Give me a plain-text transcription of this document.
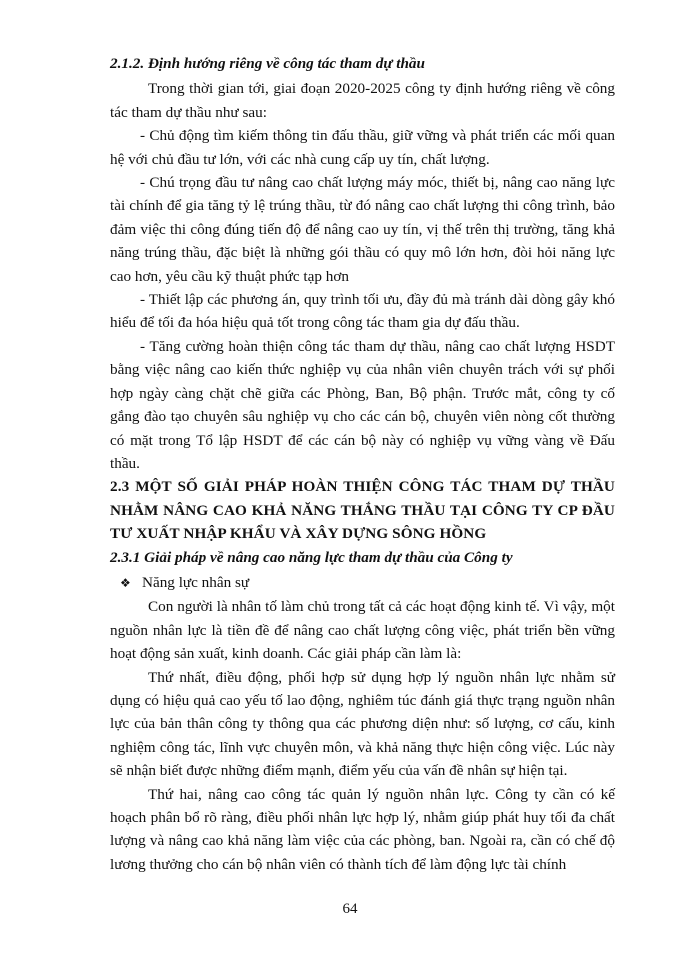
2.1.2. Định hướng riêng về công tác tham dự thầu

Trong thời gian tới, giai đoạn 2020-2025 công ty định hướng riêng về công tác tham dự thầu như sau:

- Chủ động tìm kiếm thông tin đấu thầu, giữ vững và phát triển các mối quan hệ với chủ đầu tư lớn, với các nhà cung cấp uy tín, chất lượng.

- Chú trọng đầu tư nâng cao chất lượng máy móc, thiết bị, nâng cao năng lực tài chính để gia tăng tỷ lệ trúng thầu, từ đó nâng cao chất lượng thi công trình, bảo đảm việc thi công đúng tiến độ để nâng cao uy tín, vị thế trên thị trường, tăng khả năng trúng thầu, đặc biệt là những gói thầu có quy mô lớn hơn, đòi hỏi năng lực cao hơn, yêu cầu kỹ thuật phức tạp hơn

- Thiết lập các phương án, quy trình tối ưu, đầy đủ mà tránh dài dòng gây khó hiểu để tối đa hóa hiệu quả tốt trong công tác tham gia dự đấu thầu.

- Tăng cường hoàn thiện công tác tham dự thầu, nâng cao chất lượng HSDT bằng việc nâng cao kiến thức nghiệp vụ của nhân viên chuyên trách với sự phối hợp ngày càng chặt chẽ giữa các Phòng, Ban, Bộ phận. Trước mắt, công ty cố gắng đào tạo chuyên sâu nghiệp vụ cho các cán bộ, chuyên viên nòng cốt thường có mặt trong Tổ lập HSDT để các cán bộ này có nghiệp vụ vững vàng về Đấu thầu.

2.3 MỘT SỐ GIẢI PHÁP HOÀN THIỆN CÔNG TÁC THAM DỰ THẦU NHẰM NÂNG CAO KHẢ NĂNG THẮNG THẦU TẠI CÔNG TY CP ĐẦU TƯ XUẤT NHẬP KHẨU VÀ XÂY DỰNG SÔNG HỒNG

2.3.1 Giải pháp về nâng cao năng lực tham dự thầu của Công ty

❖ Năng lực nhân sự

Con người là nhân tố làm chủ trong tất cả các hoạt động kinh tế. Vì vậy, một nguồn nhân lực là tiền đề để nâng cao chất lượng công việc, phát triển bền vững hoạt động sản xuất, kinh doanh. Các giải pháp cần làm là:

Thứ nhất, điều động, phối hợp sử dụng hợp lý nguồn nhân lực nhằm sử dụng có hiệu quả cao yếu tố lao động, nghiêm túc đánh giá thực trạng nguồn nhân lực của bản thân công ty thông qua các phương diện như: số lượng, cơ cấu, kinh nghiệm công tác, lĩnh vực chuyên môn, và khả năng thực hiện công việc. Lúc này sẽ nhận biết được những điểm mạnh, điểm yếu của vấn đề nhân sự hiện tại.

Thứ hai, nâng cao công tác quản lý nguồn nhân lực. Công ty cần có kế hoạch phân bổ rõ ràng, điều phối nhân lực hợp lý, nhằm giúp phát huy tối đa chất lượng và nâng cao khả năng làm việc của các phòng, ban. Ngoài ra, cần có chế độ lương thưởng cho cán bộ nhân viên có thành tích để làm động lực tài chính

64
